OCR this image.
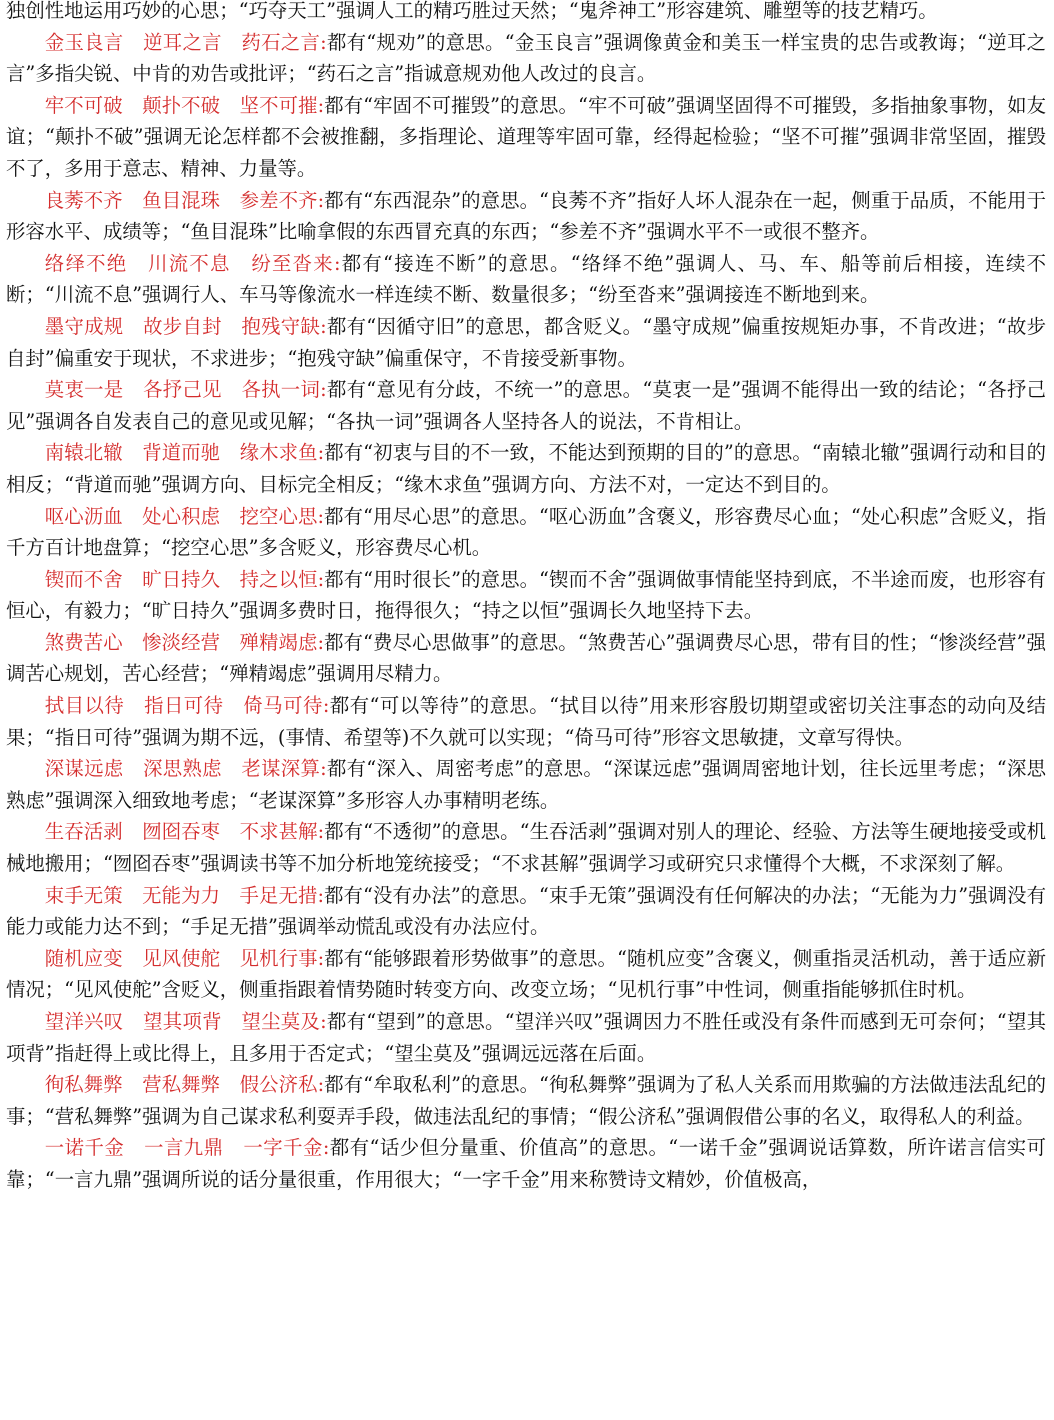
独创性地运用巧妙的心思；“巧夺天工”强调人工的精巧胜过天然；“鬼斧神工”形容建筑、雕塑等的技艺精巧。

金玉良言 逆耳之言 药石之言:都有“规劝”的意思。“金玉良言”强调像黄金和美玉一样宝贵的忠告或教诲；“逆耳之言”多指尖锐、中肯的劝告或批评；“药石之言”指诚意规劝他人改过的良言。

牢不可破 颠扑不破 坚不可摧:都有“牢固不可摧毁”的意思。“牢不可破”强调坚固得不可摧毁，多指抽象事物，如友谊；“颠扑不破”强调无论怎样都不会被推翻，多指理论、道理等牢固可靠，经得起检验；“坚不可摧”强调非常坚固，摧毁不了，多用于意志、精神、力量等。

良莠不齐 鱼目混珠 参差不齐:都有“东西混杂”的意思。“良莠不齐”指好人坏人混杂在一起，侧重于品质，不能用于形容水平、成绩等；“鱼目混珠”比喻拿假的东西冒充真的东西；“参差不齐”强调水平不一或很不整齐。

络绎不绝 川流不息 纷至沓来:都有“接连不断”的意思。“络绎不绝”强调人、马、车、船等前后相接，连续不断；“川流不息”强调行人、车马等像流水一样连续不断、数量很多；“纷至沓来”强调接连不断地到来。

墨守成规 故步自封 抱残守缺:都有“因循守旧”的意思，都含贬义。“墨守成规”偏重按规矩办事，不肯改进；“故步自封”偏重安于现状，不求进步；“抱残守缺”偏重保守，不肯接受新事物。

莫衷一是 各抒己见 各执一词:都有“意见有分歧，不统一”的意思。“莫衷一是”强调不能得出一致的结论；“各抒己见”强调各自发表自己的意见或见解；“各执一词”强调各人坚持各人的说法，不肯相让。

南辕北辙 背道而驰 缘木求鱼:都有“初衷与目的不一致，不能达到预期的目的”的意思。“南辕北辙”强调行动和目的相反；“背道而驰”强调方向、目标完全相反；“缘木求鱼”强调方向、方法不对，一定达不到目的。

呕心沥血 处心积虑 挖空心思:都有“用尽心思”的意思。“呕心沥血”含褒义，形容费尽心血；“处心积虑”含贬义，指千方百计地盘算；“挖空心思”多含贬义，形容费尽心机。

锲而不舍 旷日持久 持之以恒:都有“用时很长”的意思。“锲而不舍”强调做事情能坚持到底，不半途而废，也形容有恒心，有毅力；“旷日持久”强调多费时日，拖得很久；“持之以恒”强调长久地坚持下去。

煞费苦心 惨淡经营 殚精竭虑:都有“费尽心思做事”的意思。“煞费苦心”强调费尽心思，带有目的性；“惨淡经营”强调苦心规划，苦心经营；“殚精竭虑”强调用尽精力。

拭目以待 指日可待 倚马可待:都有“可以等待”的意思。“拭目以待”用来形容殷切期望或密切关注事态的动向及结果；“指日可待”强调为期不远，(事情、希望等)不久就可以实现；“倚马可待”形容文思敏捷，文章写得快。

深谋远虑 深思熟虑 老谋深算:都有“深入、周密考虑”的意思。“深谋远虑”强调周密地计划，往长远里考虑；“深思熟虑”强调深入细致地考虑；“老谋深算”多形容人办事精明老练。

生吞活剥 囫囵吞枣 不求甚解:都有“不透彻”的意思。“生吞活剥”强调对别人的理论、经验、方法等生硬地接受或机械地搬用；“囫囵吞枣”强调读书等不加分析地笼统接受；“不求甚解”强调学习或研究只求懂得个大概，不求深刻了解。

束手无策 无能为力 手足无措:都有“没有办法”的意思。“束手无策”强调没有任何解决的办法；“无能为力”强调没有能力或能力达不到；“手足无措”强调举动慌乱或没有办法应付。

随机应变 见风使舵 见机行事:都有“能够跟着形势做事”的意思。“随机应变”含褒义，侧重指灵活机动，善于适应新情况；“见风使舵”含贬义，侧重指跟着情势随时转变方向、改变立场；“见机行事”中性词，侧重指能够抓住时机。

望洋兴叹 望其项背 望尘莫及:都有“望到”的意思。“望洋兴叹”强调因力不胜任或没有条件而感到无可奈何；“望其项背”指赶得上或比得上，且多用于否定式；“望尘莫及”强调远远落在后面。

徇私舞弊 营私舞弊 假公济私:都有“牟取私利”的意思。“徇私舞弊”强调为了私人关系而用欺骗的方法做违法乱纪的事；“营私舞弊”强调为自己谋求私利耍弄手段，做违法乱纪的事情；“假公济私”强调假借公事的名义，取得私人的利益。

一诺千金 一言九鼎 一字千金:都有“话少但分量重、价值高”的意思。“一诺千金”强调说话算数，所许诺言信实可靠；“一言九鼎”强调所说的话分量很重，作用很大；“一字千金”用来称赞诗文精妙，价值极高，
